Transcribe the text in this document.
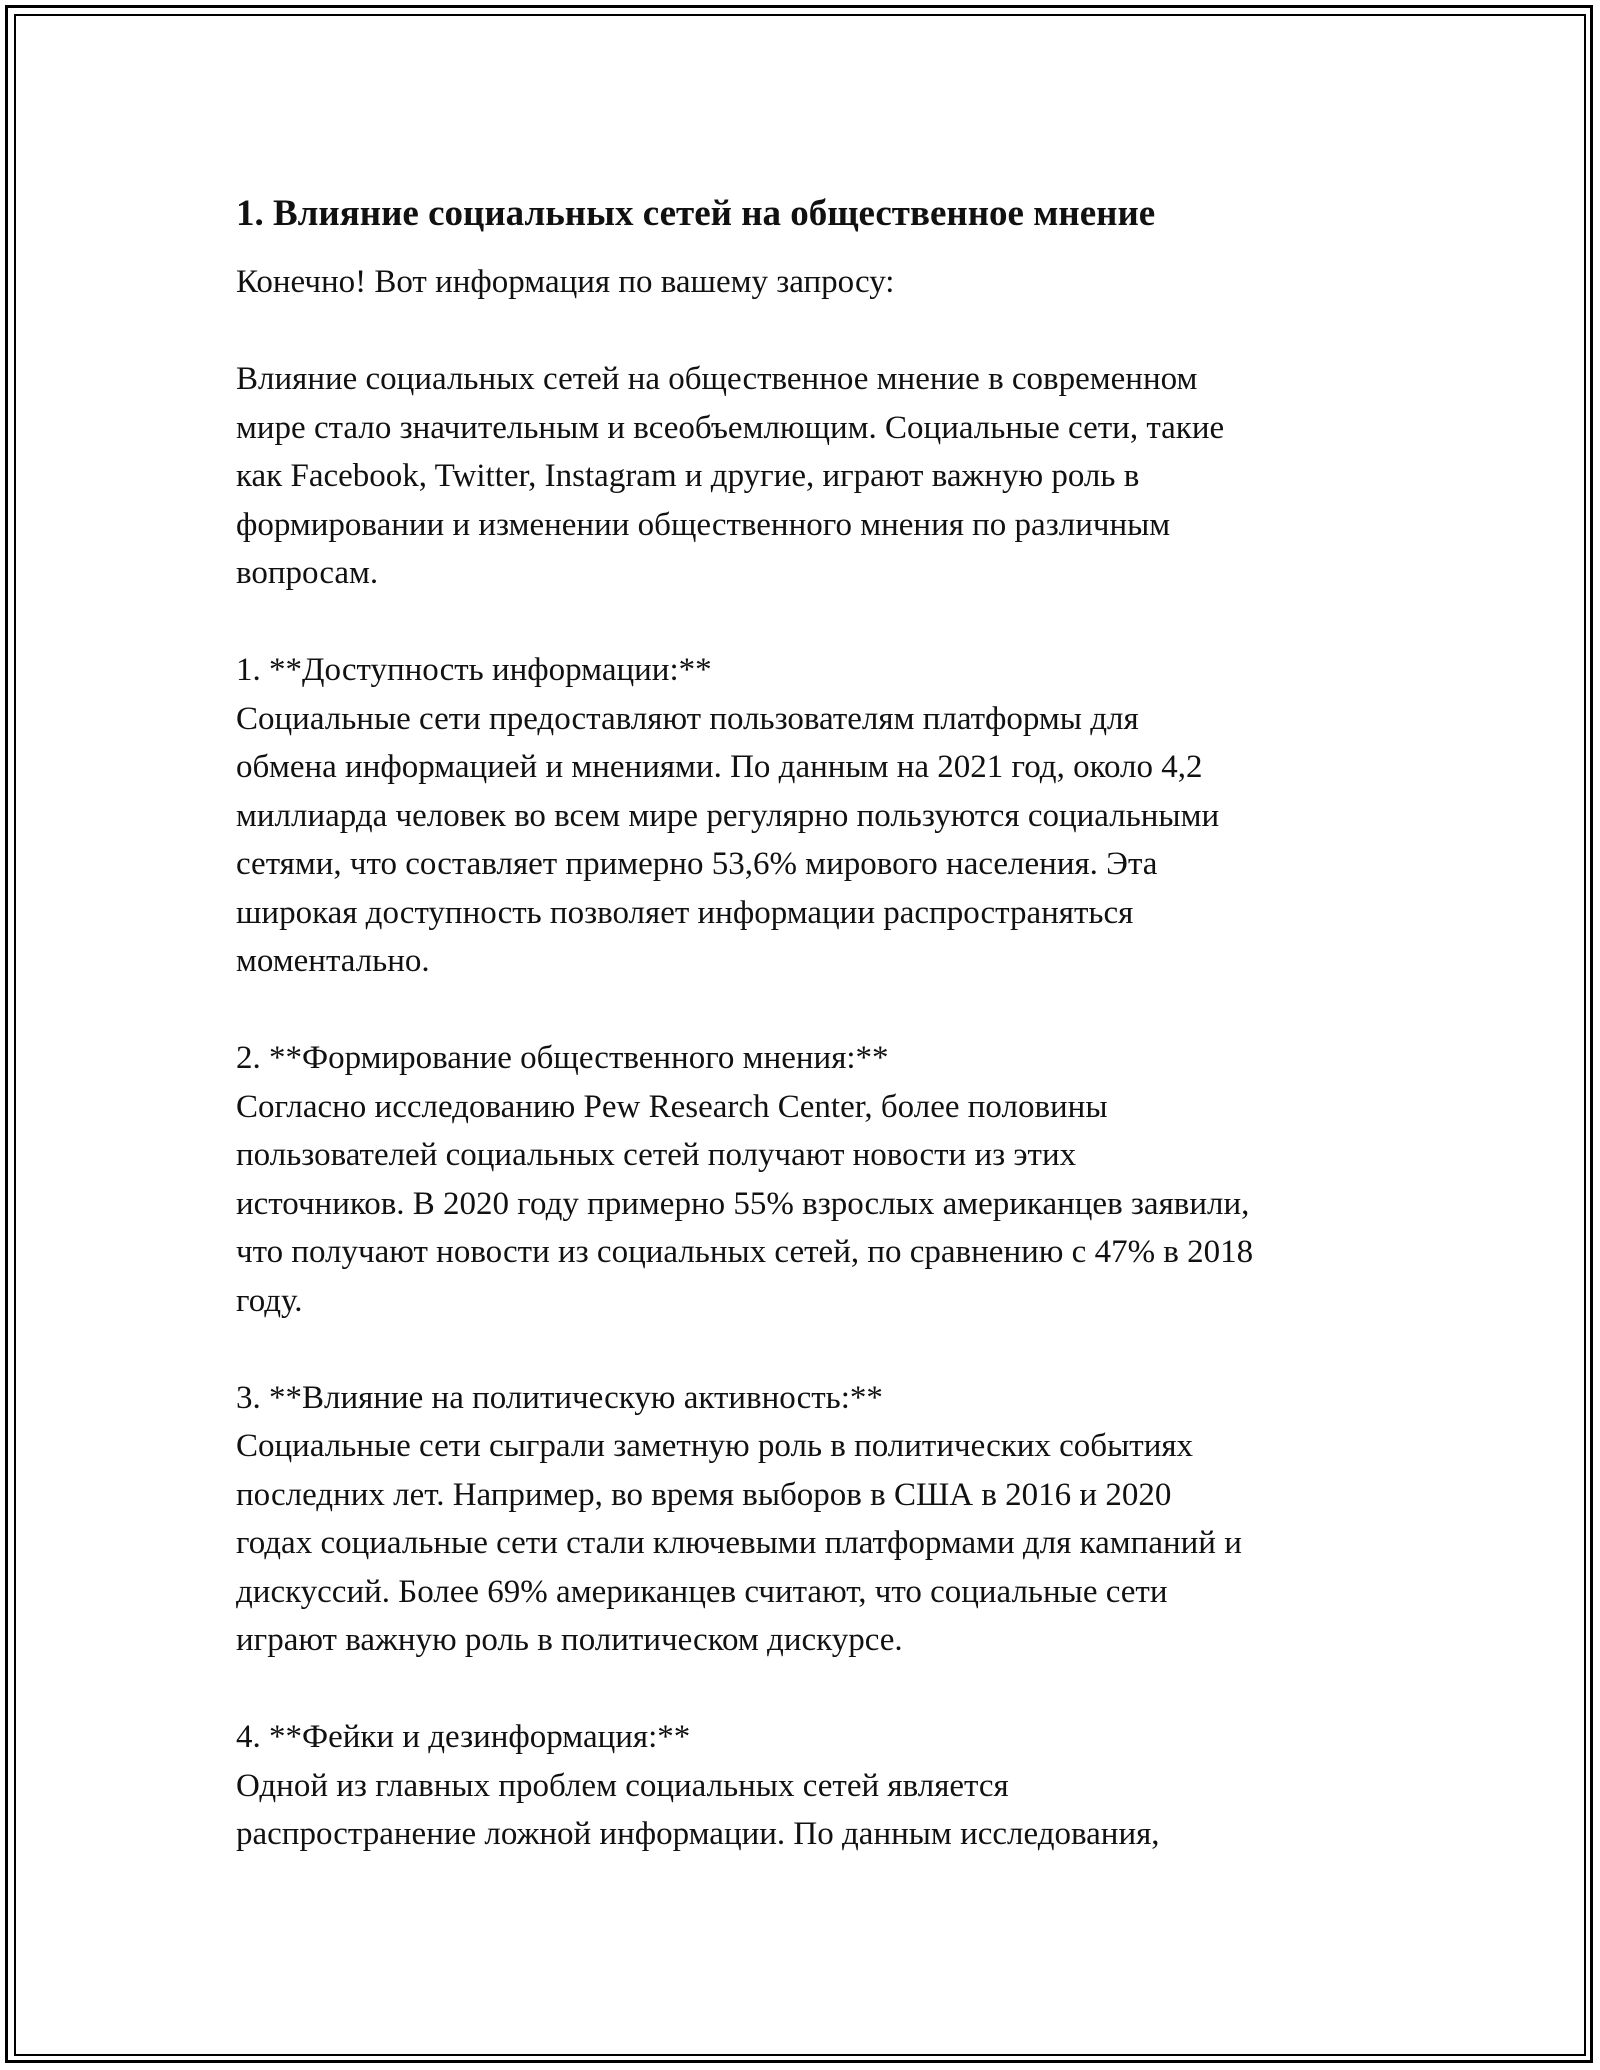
1. Влияние социальных сетей на общественное мнение

Конечно! Вот информация по вашему запросу:

Влияние социальных сетей на общественное мнение в современном
мире стало значительным и всеобъемлющим. Социальные сети, такие
как Facebook, Twitter, Instagram и другие, играют важную роль в
формировании и изменении общественного мнения по различным
вопросам.

1. **Доступность информации:**
Социальные сети предоставляют пользователям платформы для
обмена информацией и мнениями. По данным на 2021 год, около 4,2
миллиарда человек во всем мире регулярно пользуются социальными
сетями, что составляет примерно 53,6% мирового населения. Эта
широкая доступность позволяет информации распространяться
моментально.

2. **Формирование общественного мнения:**
Согласно исследованию Pew Research Center, более половины
пользователей социальных сетей получают новости из этих
источников. В 2020 году примерно 55% взрослых американцев заявили,
что получают новости из социальных сетей, по сравнению с 47% в 2018
году.

3. **Влияние на политическую активность:**
Социальные сети сыграли заметную роль в политических событиях
последних лет. Например, во время выборов в США в 2016 и 2020
годах социальные сети стали ключевыми платформами для кампаний и
дискуссий. Более 69% американцев считают, что социальные сети
играют важную роль в политическом дискурсе.

4. **Фейки и дезинформация:**
Одной из главных проблем социальных сетей является
распространение ложной информации. По данным исследования,
